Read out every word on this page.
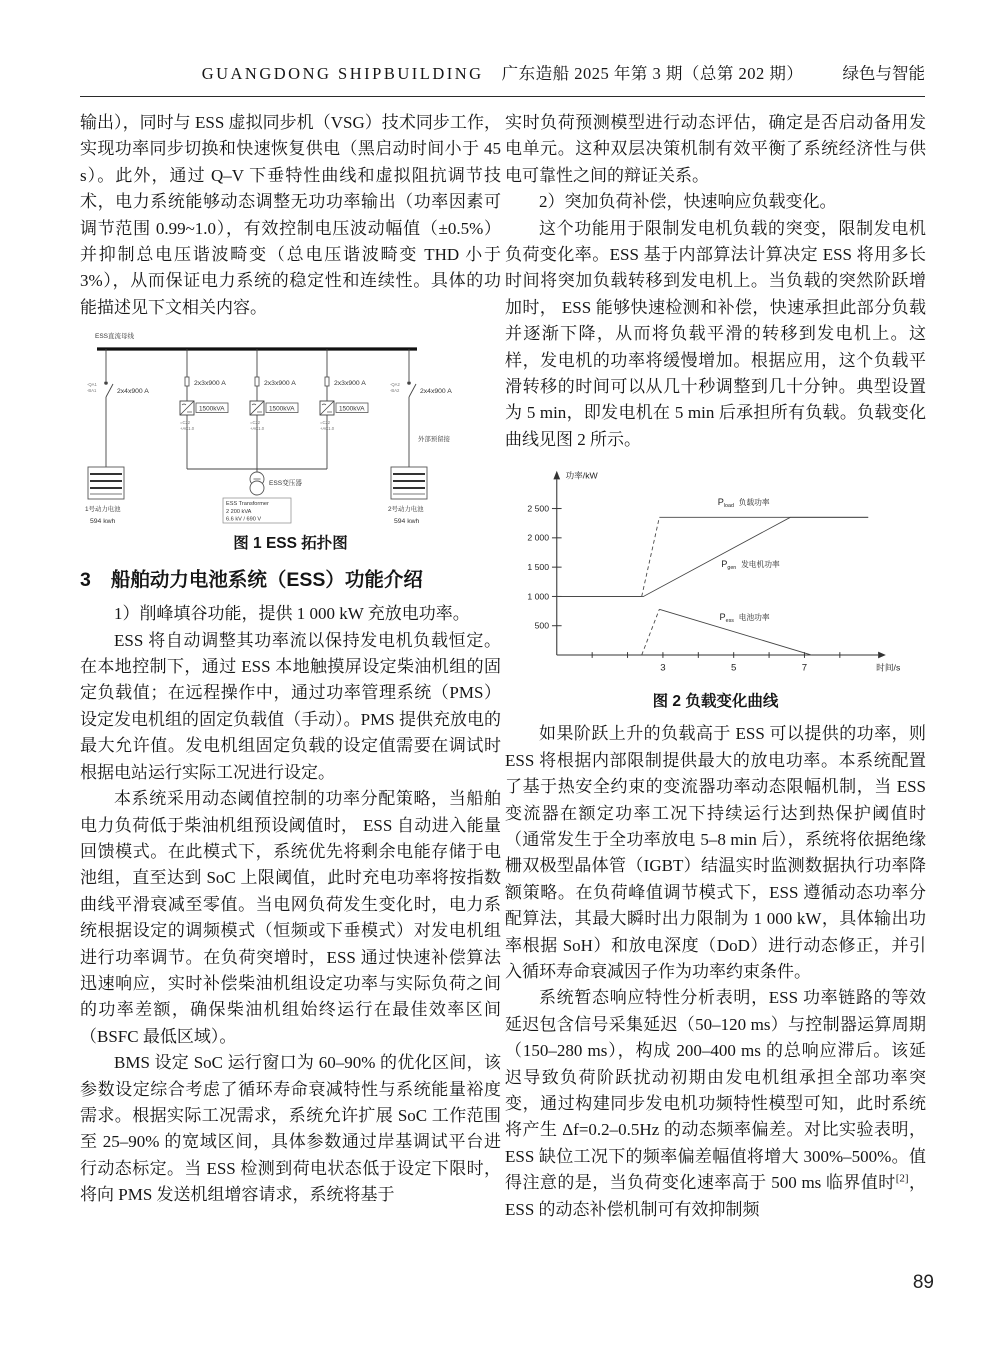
GUANGDONG SHIPBUILDING 广东造船 2025 年第 3 期（总第 202 期）	绿色与智能

输出），同时与 ESS 虚拟同步机（VSG）技术同步工作，实现功率同步切换和快速恢复供电（黑启动时间小于 45 s）。此外，通过 Q–V 下垂特性曲线和虚拟阻抗调节技术，电力系统能够动态调整无功功率输出（功率因素可调节范围 0.99~1.0），有效控制电压波动幅值（±0.5%）并抑制总电压谐波畸变（总电压谐波畸变 THD 小于 3%），从而保证电力系统的稳定性和连续性。具体的功能描述见下文相关内容。

ESS直流母线
-QA1
-BA1	2x4x900 A
1号动力电池
594 kwh
2x3x900 A
1500kVA
=C22
+AC1.0
2x3x900 A
1500kVA
=C22
+AC1.0
2x3x900 A
1500kVA
=C22
+AC1.0
ESS变压器
ESS Transformer
2 200 kVA
6.6 kV / 690 V
-QA2
-BA2	2x4x900 A
外部预留接
2号动力电池
594 kwh
图 1 ESS 拓扑图
3 船舶动力电池系统（ESS）功能介绍

1）削峰填谷功能，提供 1 000 kW 充放电功率。

ESS 将自动调整其功率流以保持发电机负载恒定。在本地控制下，通过 ESS 本地触摸屏设定柴油机组的固定负载值；在远程操作中，通过功率管理系统（PMS）设定发电机组的固定负载值（手动）。PMS 提供充放电的最大允许值。发电机组固定负载的设定值需要在调试时根据电站运行实际工况进行设定。

本系统采用动态阈值控制的功率分配策略，当船舶电力负荷低于柴油机组预设阈值时， ESS 自动进入能量回馈模式。在此模式下，系统优先将剩余电能存储于电池组，直至达到 SoC 上限阈值，此时充电功率将按指数曲线平滑衰减至零值。当电网负荷发生变化时，电力系统根据设定的调频模式（恒频或下垂模式）对发电机组进行功率调节。在负荷突增时，ESS 通过快速补偿算法迅速响应，实时补偿柴油机组设定功率与实际负荷之间的功率差额，确保柴油机组始终运行在最佳效率区间（BSFC 最低区域）。

BMS 设定 SoC 运行窗口为 60–90% 的优化区间，该参数设定综合考虑了循环寿命衰减特性与系统能量裕度需求。根据实际工况需求，系统允许扩展 SoC 工作范围至 25–90% 的宽域区间，具体参数通过岸基调试平台进行动态标定。当 ESS 检测到荷电状态低于设定下限时，将向 PMS 发送机组增容请求，系统将基于

实时负荷预测模型进行动态评估，确定是否启动备用发电单元。这种双层决策机制有效平衡了系统经济性与供电可靠性之间的辩证关系。

2）突加负荷补偿，快速响应负载变化。

这个功能用于限制发电机负载的突变，限制发电机负荷变化率。ESS 基于内部算法计算决定 ESS 将用多长时间将突加负载转移到发电机上。当负载的突然阶跃增加时， ESS 能够快速检测和补偿，快速承担此部分负载并逐渐下降，从而将负载平滑的转移到发电机上。这样，发电机的功率将缓慢增加。根据应用，这个负载平滑转移的时间可以从几十秒调整到几十分钟。典型设置为 5 min，即发电机在 5 min 后承担所有负载。负载变化曲线见图 2 所示。

功率/kW
时间/s
500
1 000
1 500
2 000
2 500
3	5	7
$P_{load}$ $^{负载功率}$
$P_{gen}$ $^{发电机功率}$
$P_{ess}$ $^{电池功率}$
图 2 负载变化曲线

如果阶跃上升的负载高于 ESS 可以提供的功率，则 ESS 将根据内部限制提供最大的放电功率。本系统配置了基于热安全约束的变流器功率动态限幅机制，当 ESS 变流器在额定功率工况下持续运行达到热保护阈值时（通常发生于全功率放电 5–8 min 后），系统将依据绝缘栅双极型晶体管（IGBT）结温实时监测数据执行功率降额策略。在负荷峰值调节模式下，ESS 遵循动态功率分配算法，其最大瞬时出力限制为 1 000 kW，具体输出功率根据 SoH）和放电深度（DoD）进行动态修正，并引入循环寿命衰减因子作为功率约束条件。

系统暂态响应特性分析表明，ESS 功率链路的等效延迟包含信号采集延迟（50–120 ms）与控制器运算周期（150–280 ms），构成 200–400 ms 的总响应滞后。该延迟导致负荷阶跃扰动初期由发电机组承担全部功率突变，通过构建同步发电机功频特性模型可知，此时系统将产生 Δf=0.2–0.5Hz 的动态频率偏差。对比实验表明，ESS 缺位工况下的频率偏差幅值将增大 300%–500%。值得注意的是，当负荷变化速率高于 500 ms 临界值时[2]，ESS 的动态补偿机制可有效抑制频

89
